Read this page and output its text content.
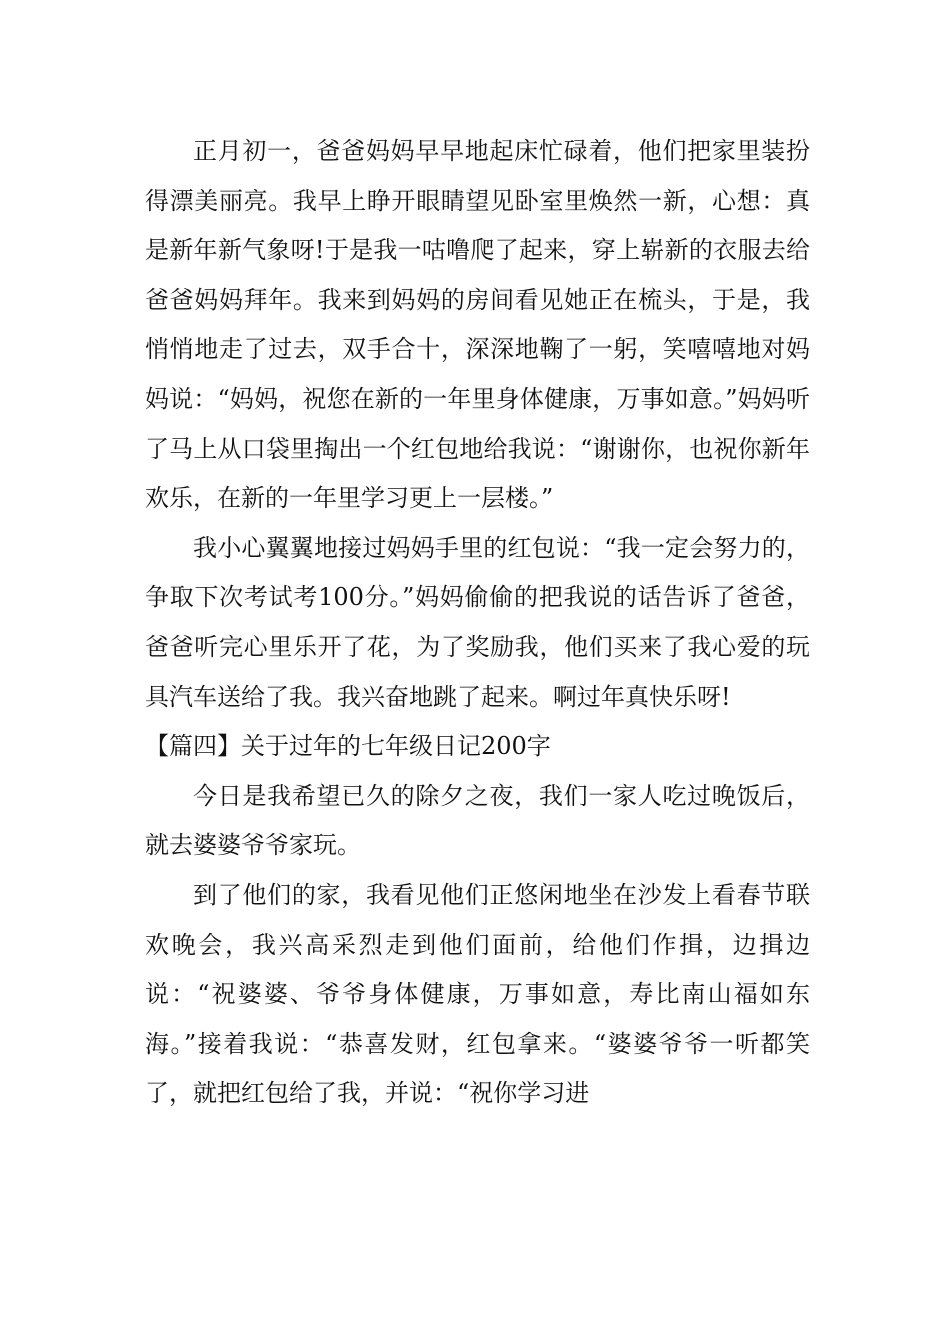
正月初一，爸爸妈妈早早地起床忙碌着，他们把家里装扮得漂美丽亮。我早上睁开眼睛望见卧室里焕然一新，心想：真是新年新气象呀!于是我一咕噜爬了起来，穿上崭新的衣服去给爸爸妈妈拜年。我来到妈妈的房间看见她正在梳头，于是，我悄悄地走了过去，双手合十，深深地鞠了一躬，笑嘻嘻地对妈妈说：“妈妈，祝您在新的一年里身体健康，万事如意。”妈妈听了马上从口袋里掏出一个红包地给我说：“谢谢你，也祝你新年欢乐，在新的一年里学习更上一层楼。”

我小心翼翼地接过妈妈手里的红包说：“我一定会努力的，争取下次考试考100分。”妈妈偷偷的把我说的话告诉了爸爸，爸爸听完心里乐开了花，为了奖励我，他们买来了我心爱的玩具汽车送给了我。我兴奋地跳了起来。啊过年真快乐呀!

【篇四】关于过年的七年级日记200字

今日是我希望已久的除夕之夜，我们一家人吃过晚饭后，就去婆婆爷爷家玩。

到了他们的家，我看见他们正悠闲地坐在沙发上看春节联欢晚会，我兴高采烈走到他们面前，给他们作揖，边揖边说：“祝婆婆、爷爷身体健康，万事如意，寿比南山福如东海。”接着我说：“恭喜发财，红包拿来。“婆婆爷爷一听都笑了，就把红包给了我，并说：“祝你学习进
